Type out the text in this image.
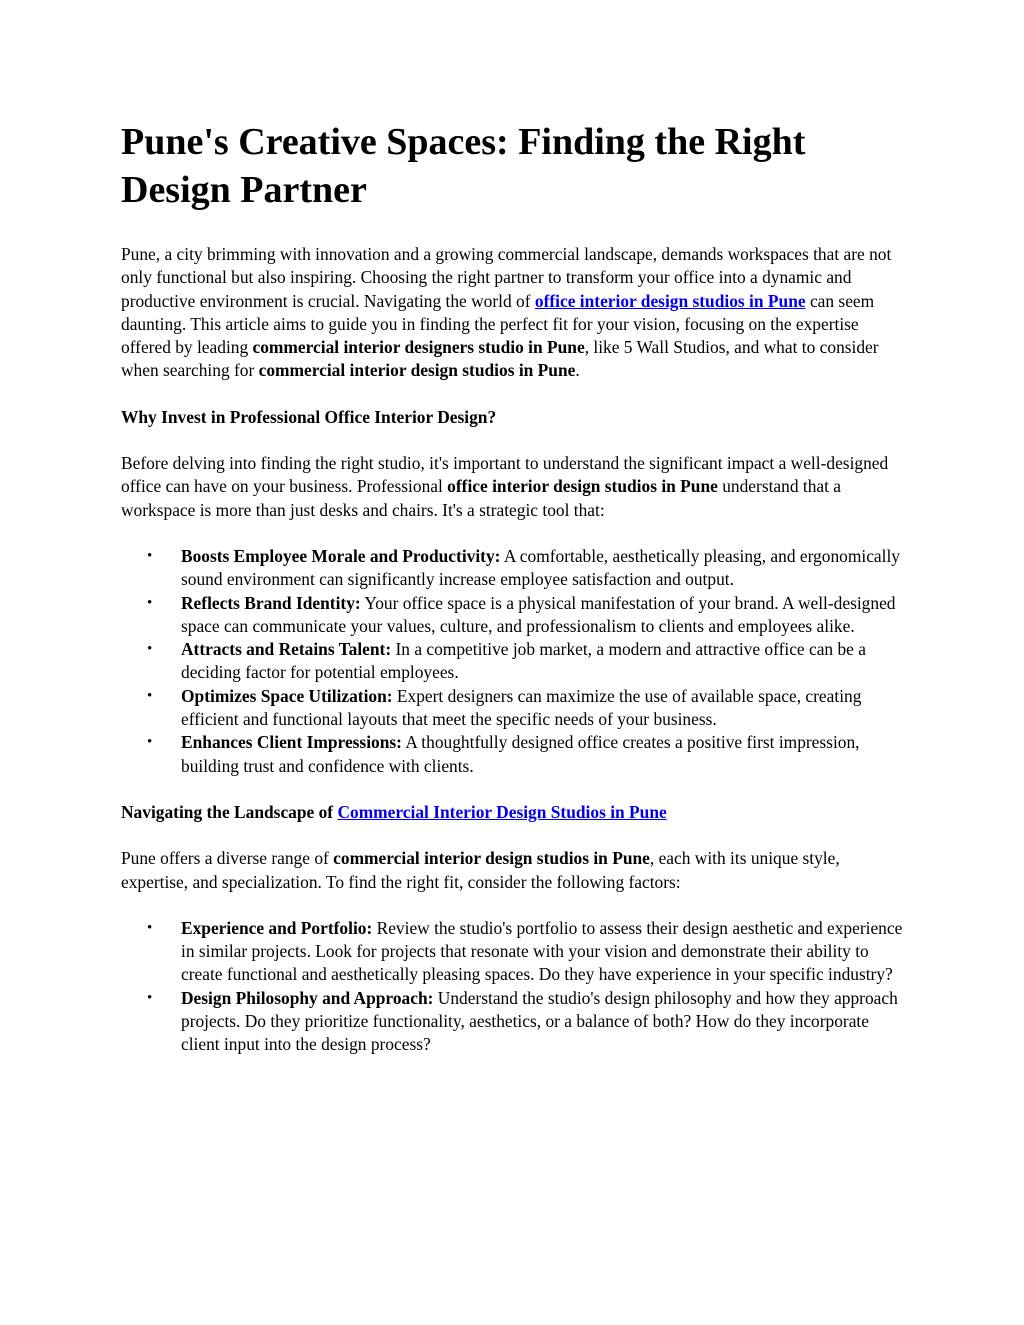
Pune's Creative Spaces: Finding the Right Design Partner

Pune, a city brimming with innovation and a growing commercial landscape, demands workspaces that are not only functional but also inspiring. Choosing the right partner to transform your office into a dynamic and productive environment is crucial. Navigating the world of office interior design studios in Pune can seem daunting. This article aims to guide you in finding the perfect fit for your vision, focusing on the expertise offered by leading commercial interior designers studio in Pune, like 5 Wall Studios, and what to consider when searching for commercial interior design studios in Pune.

Why Invest in Professional Office Interior Design?

Before delving into finding the right studio, it's important to understand the significant impact a well-designed office can have on your business. Professional office interior design studios in Pune understand that a workspace is more than just desks and chairs. It's a strategic tool that:

• Boosts Employee Morale and Productivity: A comfortable, aesthetically pleasing, and ergonomically sound environment can significantly increase employee satisfaction and output.
• Reflects Brand Identity: Your office space is a physical manifestation of your brand. A well-designed space can communicate your values, culture, and professionalism to clients and employees alike.
• Attracts and Retains Talent: In a competitive job market, a modern and attractive office can be a deciding factor for potential employees.
• Optimizes Space Utilization: Expert designers can maximize the use of available space, creating efficient and functional layouts that meet the specific needs of your business.
• Enhances Client Impressions: A thoughtfully designed office creates a positive first impression, building trust and confidence with clients.

Navigating the Landscape of Commercial Interior Design Studios in Pune

Pune offers a diverse range of commercial interior design studios in Pune, each with its unique style, expertise, and specialization. To find the right fit, consider the following factors:

• Experience and Portfolio: Review the studio's portfolio to assess their design aesthetic and experience in similar projects. Look for projects that resonate with your vision and demonstrate their ability to create functional and aesthetically pleasing spaces. Do they have experience in your specific industry?
• Design Philosophy and Approach: Understand the studio's design philosophy and how they approach projects. Do they prioritize functionality, aesthetics, or a balance of both? How do they incorporate client input into the design process?
